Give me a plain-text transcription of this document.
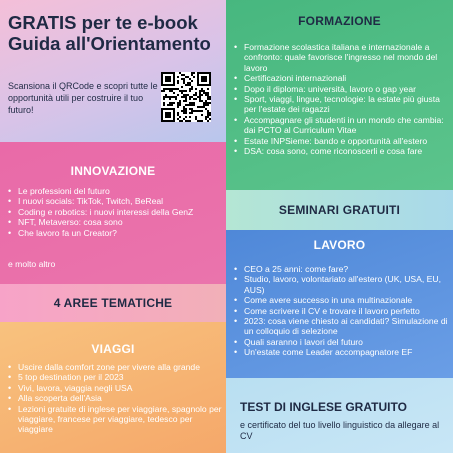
GRATIS per te e-book
Guida all'Orientamento
Scansiona il QRCode e scopri tutte le opportunità utili per costruire il tuo futuro!
INNOVAZIONE
• Le professioni del futuro
• I nuovi socials: TikTok, Twitch, BeReal
• Coding e robotics: i nuovi interessi della GenZ
• NFT, Metaverso: cosa sono
• Che lavoro fa un Creator?
e molto altro
4 AREE TEMATICHE
VIAGGI
• Uscire dalla comfort zone per vivere alla grande
• 5 top destination per il 2023
• Vivi, lavora, viaggia negli USA
• Alla scoperta dell'Asia
• Lezioni gratuite di inglese per viaggiare, spagnolo per viaggiare, francese per viaggiare, tedesco per viaggiare
FORMAZIONE
• Formazione scolastica italiana e internazionale a confronto: quale favorisce l'ingresso nel mondo del lavoro
• Certificazioni internazionali
• Dopo il diploma: università, lavoro o gap year
• Sport, viaggi, lingue, tecnologie: la estate più giusta per l'estate dei ragazzi
• Accompagnare gli studenti in un mondo che cambia: dai PCTO al Curriculum Vitae
• Estate INPSieme: bando e opportunità all'estero
• DSA: cosa sono, come riconoscerli e cosa fare
SEMINARI GRATUITI
LAVORO
• CEO a 25 anni: come fare?
• Studio, lavoro, volontariato all'estero (UK, USA, EU, AUS)
• Come avere successo in una multinazionale
• Come scrivere il CV e trovare il lavoro perfetto
• 2023: cosa viene chiesto ai candidati? Simulazione di un colloquio di selezione
• Quali saranno i lavori del futuro
• Un'estate come Leader accompagnatore EF
TEST DI INGLESE GRATUITO
e certificato del tuo livello linguistico da allegare al CV
